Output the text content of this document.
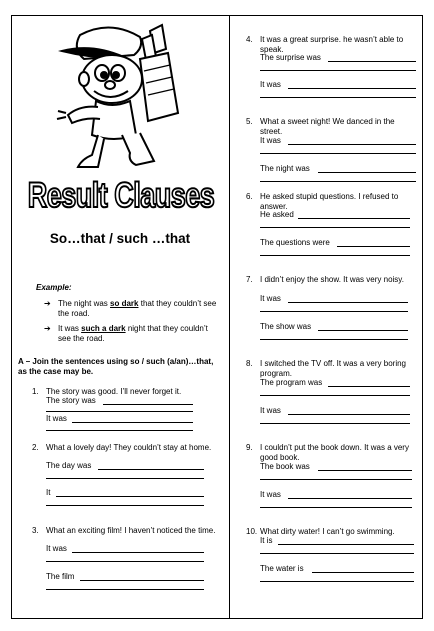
Result Clauses
So…that / such …that
Example:
➔ The night was so dark that they couldn’t see the road.
➔ It was such a dark night that they couldn’t see the road.
A – Join the sentences using so / such (a/an)…that, as the case may be.
1. The story was good. I’ll never forget it.
The story was
It was
2. What a lovely day! They couldn’t stay at home.
The day was
It
3. What an exciting film! I haven’t noticed the time.
It was
The film
4. It was a great surprise. he wasn’t able to speak.
The surprise was
It was
5. What a sweet night! We danced in the street.
It was
The night was
6. He asked stupid questions. I refused to answer.
He asked
The questions were
7. I didn’t enjoy the show. It was very noisy.
It was
The show was
8. I switched the TV off. It was a very boring program.
The program was
It was
9. I couldn’t put the book down. It was a very good book.
The book was
It was
10. What dirty water! I can’t go swimming.
It is
The water is
